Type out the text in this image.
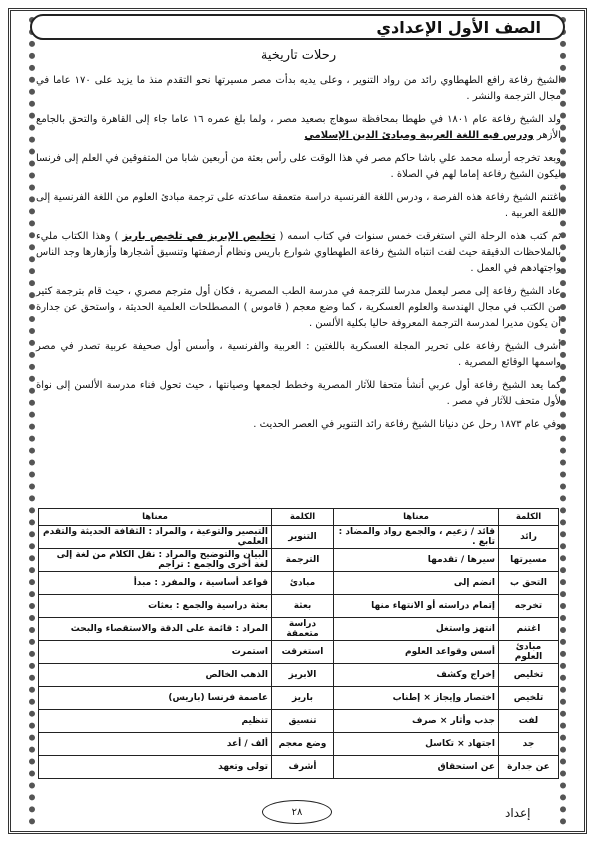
الصف الأول الإعدادي
رحلات تاريخية

الشيخ رفاعة رافع الطهطاوي رائد من رواد التنوير ، وعلى يديه بدأت مصر مسيرتها نحو التقدم منذ ما يزيد على ١٧٠ عاما في مجال الترجمة والنشر .

ولد الشيخ رفاعة عام ١٨٠١ في طهطا بمحافظة سوهاج بصعيد مصر ، ولما بلغ عمره ١٦ عاما جاء إلى القاهرة والتحق بالجامع الأزهر ودرس فيه اللغة العربية ومبادئ الدين الإسلامي

وبعد تخرجه أرسله محمد علي باشا حاكم مصر في هذا الوقت على رأس بعثة من أربعين شابا من المتفوقين في العلم إلى فرنسا ليكون الشيخ رفاعة إماما لهم في الصلاة .

اغتنم الشيخ رفاعة هذه الفرصة ، ودرس اللغة الفرنسية دراسة متعمقة ساعدته على ترجمة مبادئ العلوم من اللغة الفرنسية إلى اللغة العربية .

ثم كتب هذه الرحلة التي استغرقت خمس سنوات في كتاب اسمه ( تخليص الإبريز في تلخيص باريز ) وهذا الكتاب مليء بالملاحظات الدقيقة حيث لفت انتباه الشيخ رفاعة الطهطاوي شوارع باريس ونظام أرصفتها وتنسيق أشجارها وأزهارها وجد الناس واجتهادهم في العمل .

عاد الشيخ رفاعة إلى مصر ليعمل مدرسا للترجمة في مدرسة الطب المصرية ، فكان أول مترجم مصري ، حيث قام بترجمة كثير من الكتب في مجال الهندسة والعلوم العسكرية ، كما وضع معجم ( قاموس ) المصطلحات العلمية الحديثة ، واستحق عن جدارة أن يكون مديرا لمدرسة الترجمة المعروفة حاليا بكلية الألسن .

أشرف الشيخ رفاعة على تحرير المجلة العسكرية باللغتين : العربية والفرنسية ، وأسس أول صحيفة عربية تصدر في مصر واسمها الوقائع المصرية .

كما يعد الشيخ رفاعة أول عربي أنشأ متحفا للآثار المصرية وخطط لجمعها وصيانتها ، حيث تحول فناء مدرسة الألسن إلى نواة لأول متحف للآثار في مصر .

وفي عام ١٨٧٣ رحل عن دنيانا الشيخ رفاعة رائد التنوير في العصر الحديث .

الكلمة	معناها	الكلمة	معناها
رائد	قائد / زعيم ، والجمع رواد والمضاد : تابع .	التنوير	التبصير والتوعية ، والمراد : الثقافة الحديثة والتقدم العلمي
مسيرتها	سيرها / تقدمها	الترجمة	البيان والتوضيح والمراد : نقل الكلام من لغة إلى لغة أخرى والجمع : تراجم
التحق ب	انضم إلى	مبادئ	قواعد أساسية ، والمفرد : مبدأ
تخرجه	إتمام دراسته أو الانتهاء منها	بعثة	بعثة دراسية والجمع : بعثات
اغتنم	انتهز واستغل	دراسة متعمقة	المراد : قائمة على الدقة والاستقصاء والبحث
مبادئ العلوم	أسس وقواعد العلوم	استغرقت	استمرت
تخليص	إخراج وكشف	الابريز	الذهب الخالص
تلخيص	اختصار وإيجاز × إطناب	باريز	عاصمة فرنسا (باريس)
لفت	جذب وأثار × صرف	تنسيق	تنظيم
جد	اجتهاد × تكاسل	وضع معجم	ألف / أعد
عن جدارة	عن استحقاق	أشرف	تولى وتعهد
٢٨	إعداد
